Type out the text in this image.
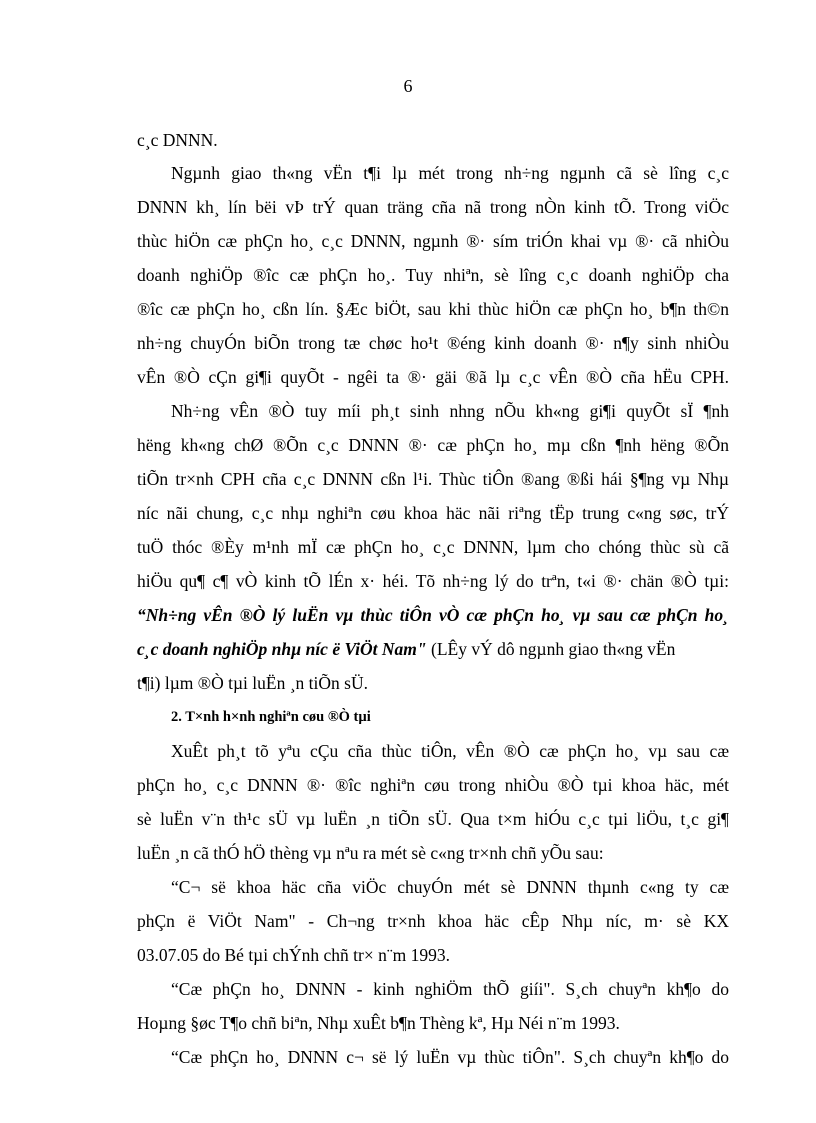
6
c¸c DNNN.
Ngµnh giao th«ng vËn t¶i lµ mét trong nh÷ng ngµnh cã sè lîng c¸c
DNNN kh¸ lín bëi vÞ trÝ quan träng cña nã trong nÒn kinh tÕ. Trong viÖc
thùc hiÖn cæ phÇn ho¸ c¸c DNNN, ngµnh ®· sím triÓn khai vµ ®· cã nhiÒu
doanh nghiÖp ®îc cæ phÇn ho¸. Tuy nhiªn, sè lîng c¸c doanh nghiÖp cha
®îc cæ phÇn ho¸ cßn lín. §Æc biÖt, sau khi thùc hiÖn cæ phÇn ho¸ b¶n th©n
nh÷ng chuyÓn biÕn trong tæ chøc ho¹t ®éng kinh doanh ®· n¶y sinh nhiÒu
vÊn ®Ò cÇn gi¶i quyÕt - ngêi ta ®· gäi ®ã lµ c¸c vÊn ®Ò cña hËu CPH.
Nh÷ng vÊn ®Ò tuy míi ph¸t sinh nhng nÕu kh«ng gi¶i quyÕt sÏ ¶nh
hëng kh«ng chØ ®Õn c¸c DNNN ®· cæ phÇn ho¸ mµ cßn ¶nh hëng ®Õn
tiÕn tr×nh CPH cña c¸c DNNN cßn l¹i. Thùc tiÔn ®ang ®ßi hái §¶ng vµ Nhµ
níc nãi chung, c¸c nhµ nghiªn cøu khoa häc nãi riªng tËp trung c«ng søc, trÝ
tuÖ thóc ®Èy m¹nh mÏ cæ phÇn ho¸ c¸c DNNN, lµm cho chóng thùc sù cã
hiÖu qu¶ c¶ vÒ kinh tÕ lÉn x· héi. Tõ nh÷ng lý do trªn, t«i ®· chän ®Ò tµi:
“Nh÷ng vÊn ®Ò lý luËn vµ thùc tiÔn vÒ cæ phÇn ho¸ vµ sau cæ phÇn ho¸
c¸c doanh nghiÖp nhµ níc ë ViÖt Nam" (LÊy vÝ dô ngµnh giao th«ng vËn
t¶i) lµm ®Ò tµi luËn ¸n tiÕn sÜ.
2. T×nh h×nh nghiªn cøu ®Ò tµi
XuÊt ph¸t tõ yªu cÇu cña thùc tiÔn, vÊn ®Ò cæ phÇn ho¸ vµ sau cæ
phÇn ho¸ c¸c DNNN ®· ®îc nghiªn cøu trong nhiÒu ®Ò tµi khoa häc, mét
sè luËn v¨n th¹c sÜ vµ luËn ¸n tiÕn sÜ. Qua t×m hiÓu c¸c tµi liÖu, t¸c gi¶
luËn ¸n cã thÓ hÖ thèng vµ nªu ra mét sè c«ng tr×nh chñ yÕu sau:
“C¬ së khoa häc cña viÖc chuyÓn mét sè DNNN thµnh c«ng ty cæ
phÇn ë ViÖt Nam" - Ch¬ng tr×nh khoa häc cÊp Nhµ níc, m· sè KX
03.07.05 do Bé tµi chÝnh chñ tr× n¨m 1993.
“Cæ phÇn ho¸ DNNN - kinh nghiÖm thÕ giíi". S¸ch chuyªn kh¶o do
Hoµng §øc T¶o chñ biªn, Nhµ xuÊt b¶n Thèng kª, Hµ Néi n¨m 1993.
“Cæ phÇn ho¸ DNNN c¬ së lý luËn vµ thùc tiÔn". S¸ch chuyªn kh¶o do
